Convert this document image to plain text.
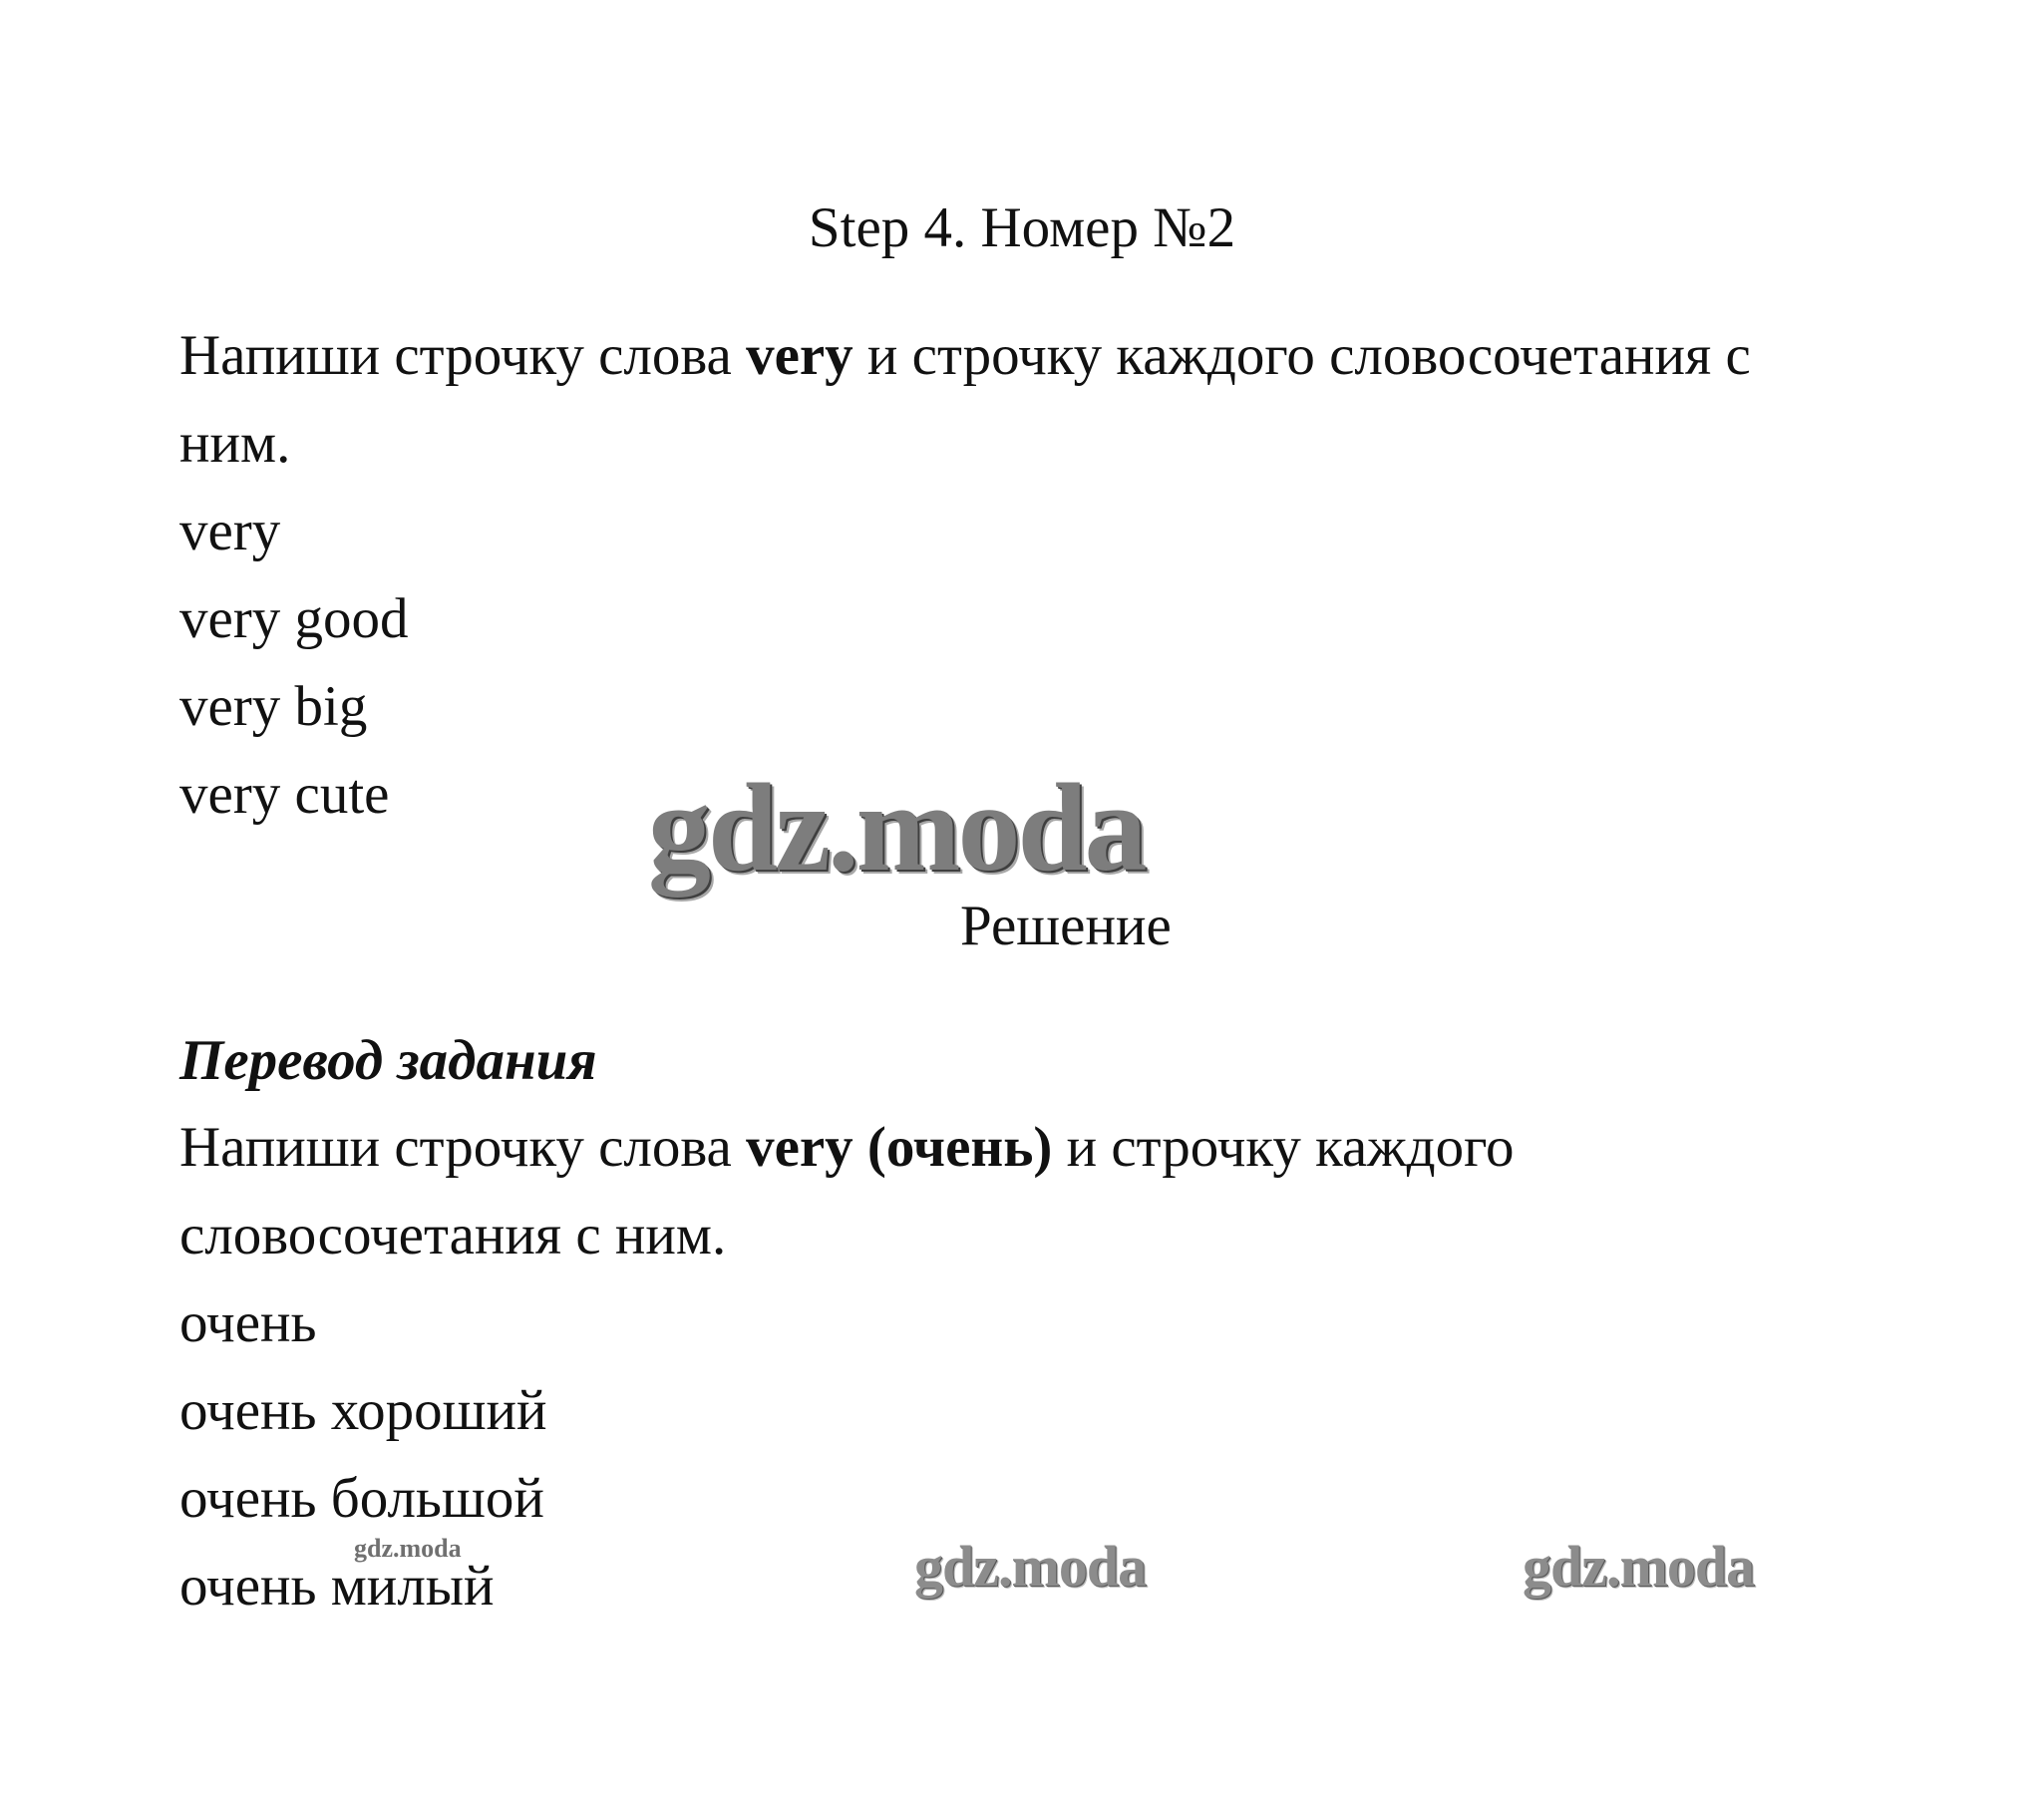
Step 4. Номер №2
Напиши строчку слова very и строчку каждого словосочетания с
ним.
very
very good
very big
very cute gdz.moda
Решение
Перевод задания
Напиши строчку слова very (очень) и строчку каждого
словосочетания с ним.
очень
очень хороший
очень большой
очень милый
gdz.moda	gdz.moda	gdz.moda
